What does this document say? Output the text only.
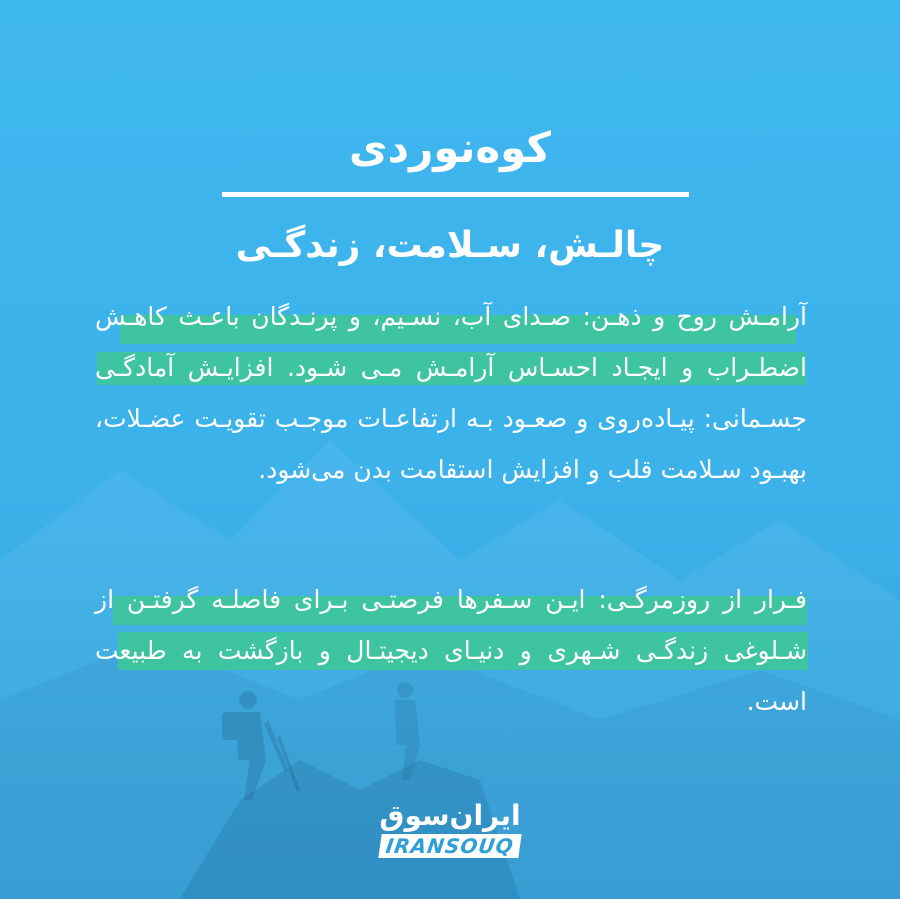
کوه‌نوردی
چالـش، سـلامت، زندگـی
آرامـش روح و ذهـن: صـدای آب، نسـیم، و پرنـدگان باعـث کاهـش اضطـراب و ایجـاد احسـاس آرامـش مـی شـود. افزایـش آمادگـی جسـمانی: پیـاده‌روی و صعـود بـه ارتفاعـات موجـب تقویـت عضـلات، بهبـود سـلامت قلب و افزایش استقامت بدن می‌شود.
فـرار از روزمرگـی: ایـن سـفرها فرصتـی بـرای فاصلـه گرفتـن از شـلوغی زندگـی شـهری و دنیـای دیجیتـال و بازگشت به طبیعت است.
ایران‌سوق
IRANSOUQ
